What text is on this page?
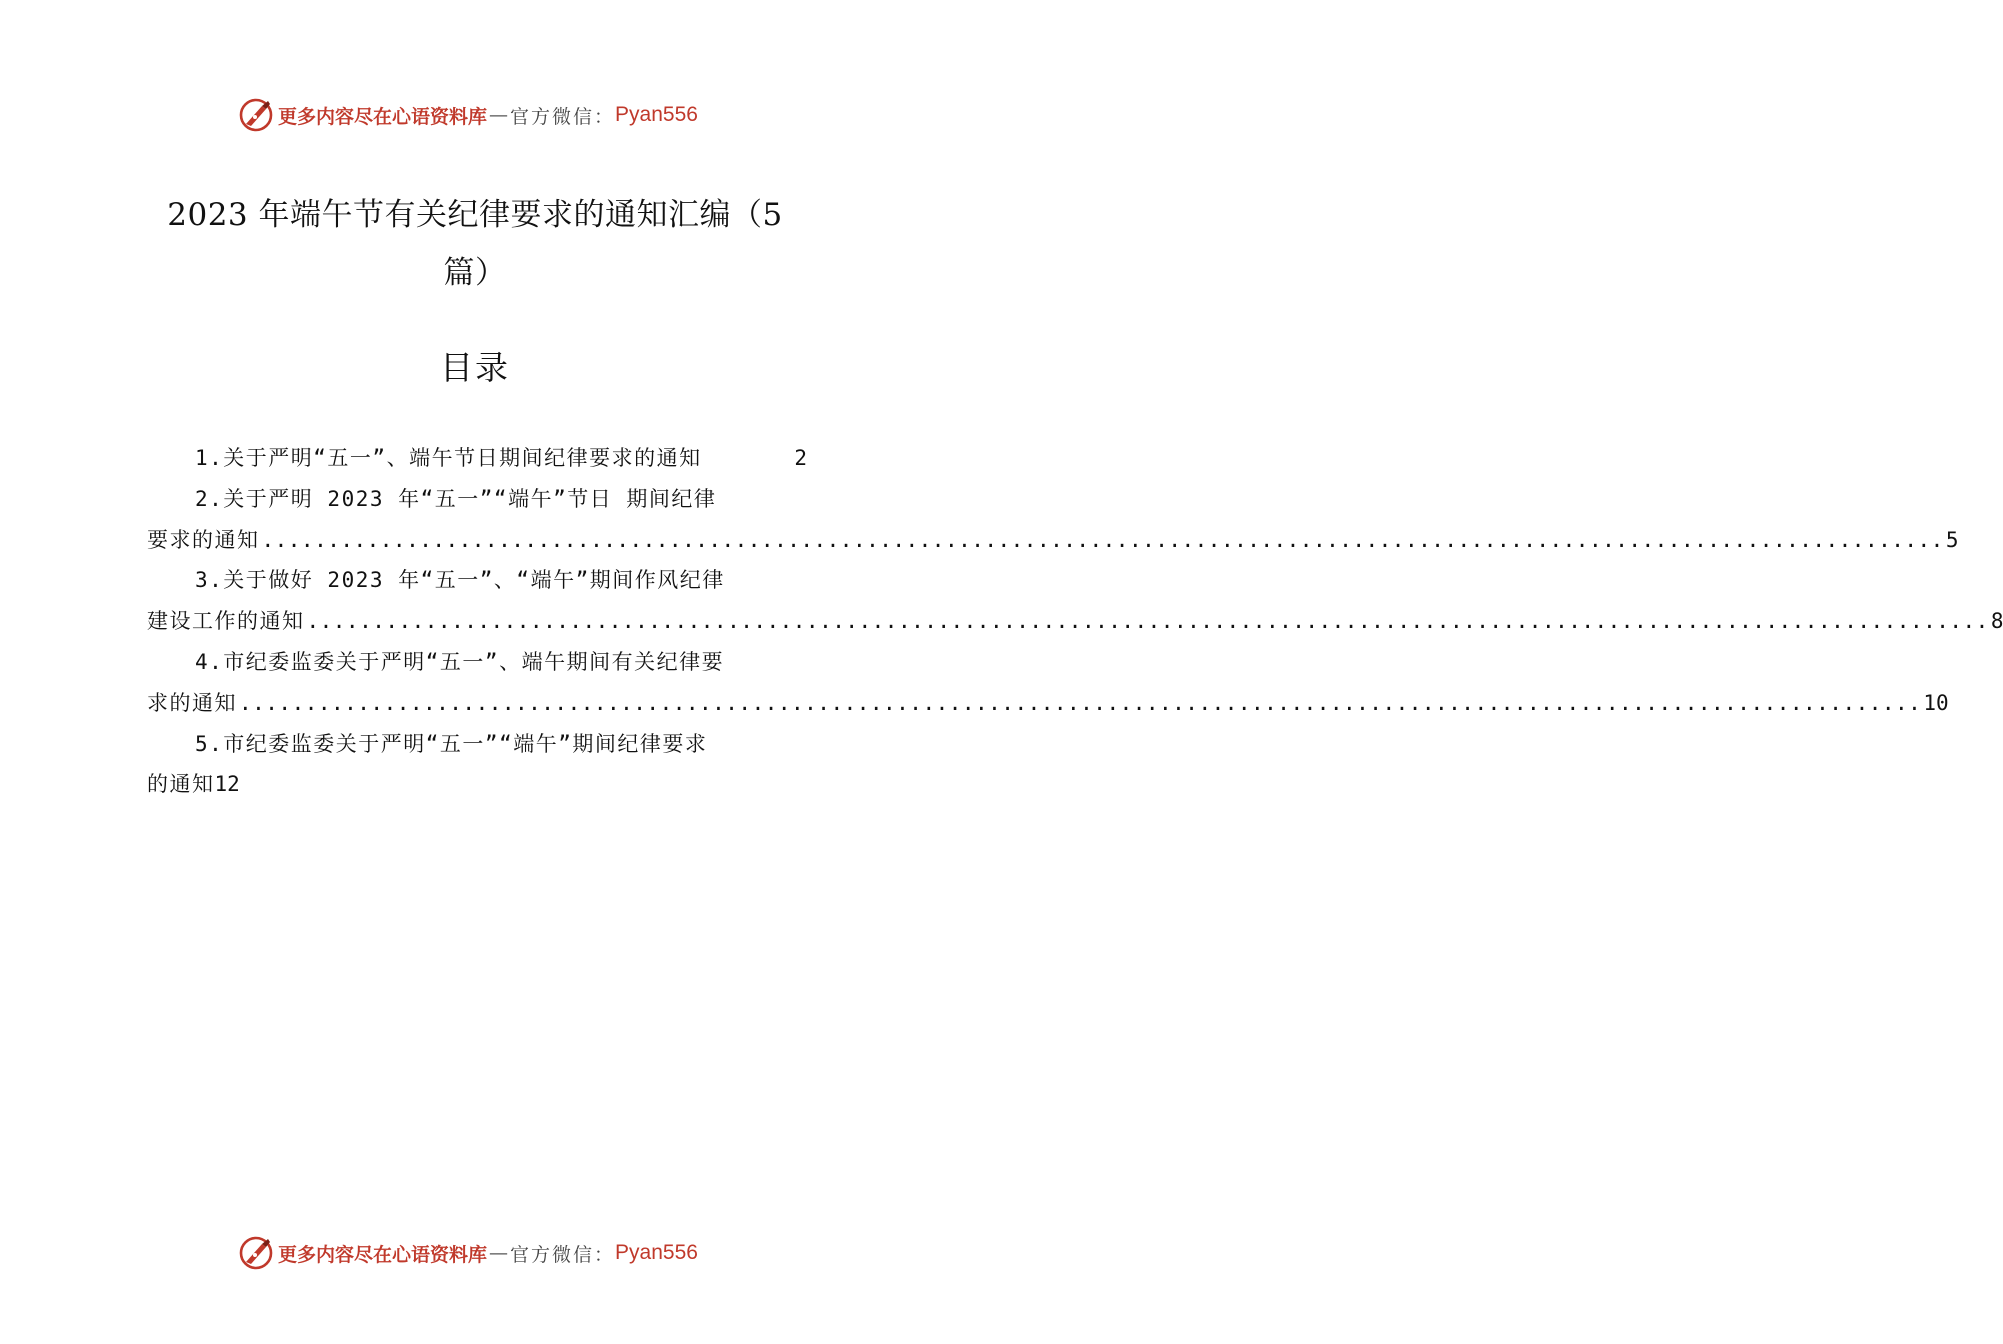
更多内容尽在心语资料库 — 官方微信： Pyan556
2023 年端午节有关纪律要求的通知汇编（5
篇）
目录
1.关于严明“五一”、端午节日期间纪律要求的通知	2
2.关于严明 2023 年“五一”“端午”节日 期间纪律
要求的通知 ................................................................................................................................ 5
3.关于做好 2023 年“五一”、“端午”期间作风纪律
建设工作的通知 ................................................................................................................................ 8
4.市纪委监委关于严明“五一”、端午期间有关纪律要
求的通知 ................................................................................................................................ 10
5.市纪委监委关于严明“五一”“端午”期间纪律要求
的通知 12
更多内容尽在心语资料库 — 官方微信： Pyan556
